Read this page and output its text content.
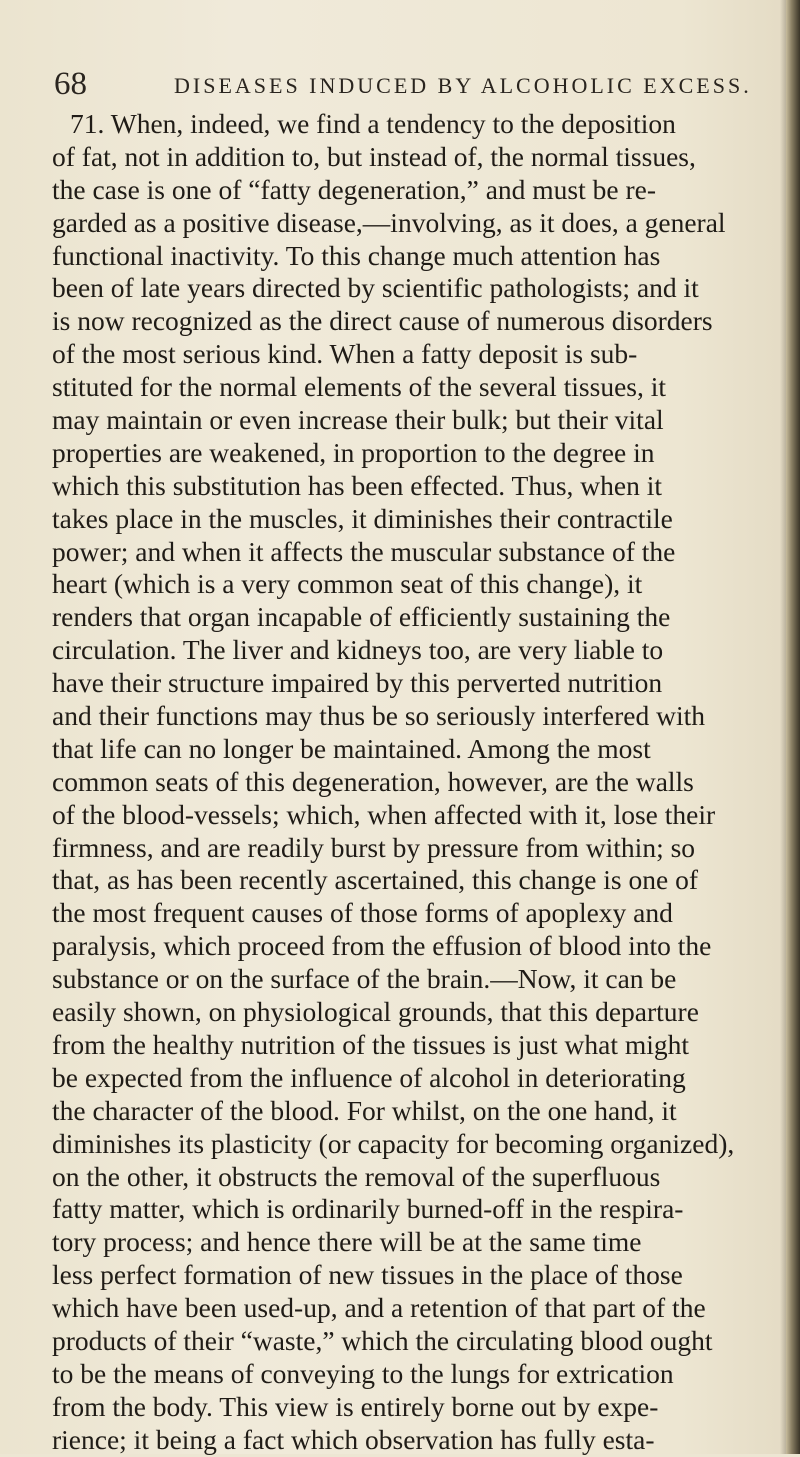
68	DISEASES INDUCED BY ALCOHOLIC EXCESS.
71. When, indeed, we find a tendency to the deposition
of fat, not in addition to, but instead of, the normal tissues,
the case is one of “fatty degeneration,” and must be re-
garded as a positive disease,—involving, as it does, a general
functional inactivity. To this change much attention has
been of late years directed by scientific pathologists; and it
is now recognized as the direct cause of numerous disorders
of the most serious kind. When a fatty deposit is sub-
stituted for the normal elements of the several tissues, it
may maintain or even increase their bulk; but their vital
properties are weakened, in proportion to the degree in
which this substitution has been effected. Thus, when it
takes place in the muscles, it diminishes their contractile
power; and when it affects the muscular substance of the
heart (which is a very common seat of this change), it
renders that organ incapable of efficiently sustaining the
circulation. The liver and kidneys too, are very liable to
have their structure impaired by this perverted nutrition
and their functions may thus be so seriously interfered with
that life can no longer be maintained. Among the most
common seats of this degeneration, however, are the walls
of the blood-vessels; which, when affected with it, lose their
firmness, and are readily burst by pressure from within; so
that, as has been recently ascertained, this change is one of
the most frequent causes of those forms of apoplexy and
paralysis, which proceed from the effusion of blood into the
substance or on the surface of the brain.—Now, it can be
easily shown, on physiological grounds, that this departure
from the healthy nutrition of the tissues is just what might
be expected from the influence of alcohol in deteriorating
the character of the blood. For whilst, on the one hand, it
diminishes its plasticity (or capacity for becoming organized),
on the other, it obstructs the removal of the superfluous
fatty matter, which is ordinarily burned-off in the respira-
tory process; and hence there will be at the same time
less perfect formation of new tissues in the place of those
which have been used-up, and a retention of that part of the
products of their “waste,” which the circulating blood ought
to be the means of conveying to the lungs for extrication
from the body. This view is entirely borne out by expe-
rience; it being a fact which observation has fully esta-
